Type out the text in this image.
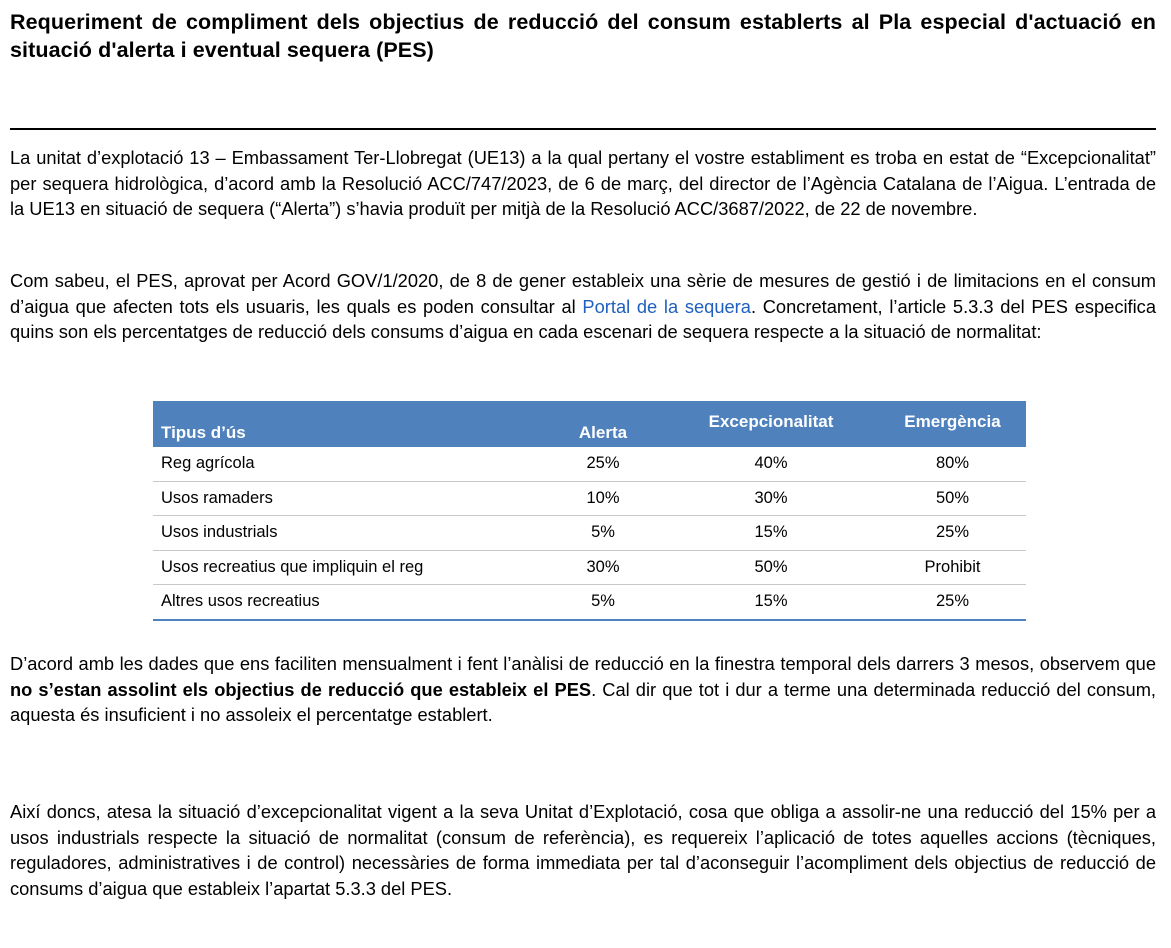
Requeriment de compliment dels objectius de reducció del consum establerts al Pla especial d'actuació en situació d'alerta i eventual sequera (PES)
La unitat d’explotació 13 – Embassament Ter-Llobregat (UE13) a la qual pertany el vostre establiment es troba en estat de “Excepcionalitat” per sequera hidrològica, d’acord amb la Resolució ACC/747/2023, de 6 de març, del director de l’Agència Catalana de l’Aigua. L’entrada de la UE13 en situació de sequera (“Alerta”) s’havia produït per mitjà de la Resolució ACC/3687/2022, de 22 de novembre.
Com sabeu, el PES, aprovat per Acord GOV/1/2020, de 8 de gener estableix una sèrie de mesures de gestió i de limitacions en el consum d’aigua que afecten tots els usuaris, les quals es poden consultar al Portal de la sequera. Concretament, l’article 5.3.3 del PES especifica quins son els percentatges de reducció dels consums d’aigua en cada escenari de sequera respecte a la situació de normalitat:
Tipus d’ús	Alerta	Excepcionalitat	Emergència
Reg agrícola	25%	40%	80%
Usos ramaders	10%	30%	50%
Usos industrials	5%	15%	25%
Usos recreatius que impliquin el reg	30%	50%	Prohibit
Altres usos recreatius	5%	15%	25%
D’acord amb les dades que ens faciliten mensualment i fent l’anàlisi de reducció en la finestra temporal dels darrers 3 mesos, observem que no s’estan assolint els objectius de reducció que estableix el PES. Cal dir que tot i dur a terme una determinada reducció del consum, aquesta és insuficient i no assoleix el percentatge establert.
Així doncs, atesa la situació d’excepcionalitat vigent a la seva Unitat d’Explotació, cosa que obliga a assolir-ne una reducció del 15% per a usos industrials respecte la situació de normalitat (consum de referència), es requereix l’aplicació de totes aquelles accions (tècniques, reguladores, administratives i de control) necessàries de forma immediata per tal d’aconseguir l’acompliment dels objectius de reducció de consums d’aigua que estableix l’apartat 5.3.3 del PES.
